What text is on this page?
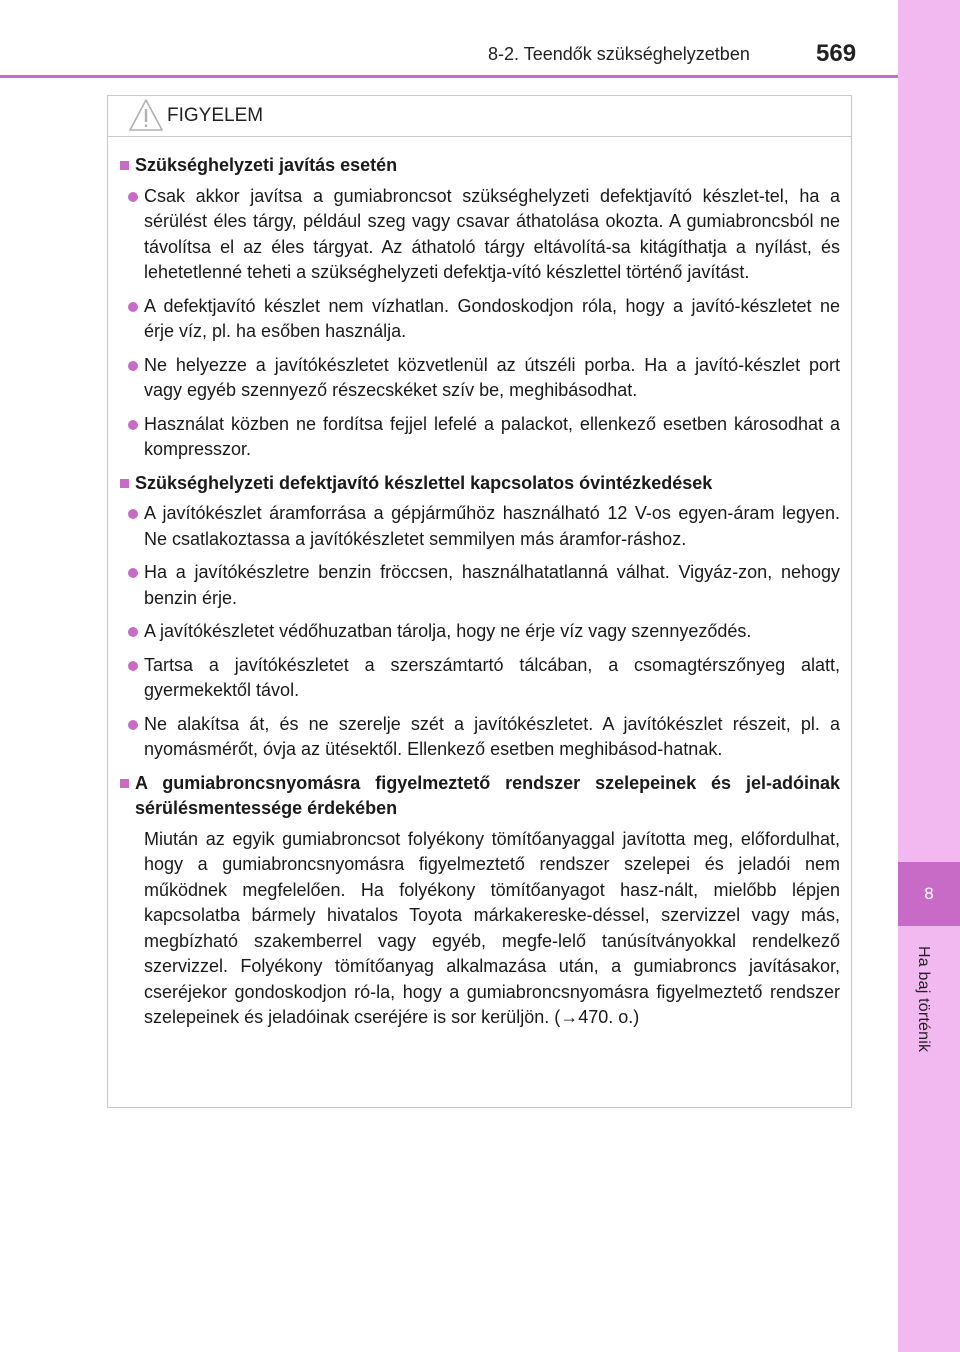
8
Ha baj történik
8-2. Teendők szükséghelyzetben	569
FIGYELEM
Szükséghelyzeti javítás esetén
Csak akkor javítsa a gumiabroncsot szükséghelyzeti defektjavító készlet-tel, ha a sérülést éles tárgy, például szeg vagy csavar áthatolása okozta. A gumiabroncsból ne távolítsa el az éles tárgyat. Az áthatoló tárgy eltávolítá-sa kitágíthatja a nyílást, és lehetetlenné teheti a szükséghelyzeti defektja-vító készlettel történő javítást.
A defektjavító készlet nem vízhatlan. Gondoskodjon róla, hogy a javító-készletet ne érje víz, pl. ha esőben használja.
Ne helyezze a javítókészletet közvetlenül az útszéli porba. Ha a javító-készlet port vagy egyéb szennyező részecskéket szív be, meghibásodhat.
Használat közben ne fordítsa fejjel lefelé a palackot, ellenkező esetben károsodhat a kompresszor.
Szükséghelyzeti defektjavító készlettel kapcsolatos óvintézkedések
A javítókészlet áramforrása a gépjárműhöz használható 12 V-os egyen-áram legyen. Ne csatlakoztassa a javítókészletet semmilyen más áramfor-ráshoz.
Ha a javítókészletre benzin fröccsen, használhatatlanná válhat. Vigyáz-zon, nehogy benzin érje.
A javítókészletet védőhuzatban tárolja, hogy ne érje víz vagy szennyeződés.
Tartsa a javítókészletet a szerszámtartó tálcában, a csomagtérszőnyeg alatt, gyermekektől távol.
Ne alakítsa át, és ne szerelje szét a javítókészletet. A javítókészlet részeit, pl. a nyomásmérőt, óvja az ütésektől. Ellenkező esetben meghibásod-hatnak.
A gumiabroncsnyomásra figyelmeztető rendszer szelepeinek és jel-adóinak sérülésmentessége érdekében
Miután az egyik gumiabroncsot folyékony tömítőanyaggal javította meg, előfordulhat, hogy a gumiabroncsnyomásra figyelmeztető rendszer szelepei és jeladói nem működnek megfelelően. Ha folyékony tömítőanyagot hasz-nált, mielőbb lépjen kapcsolatba bármely hivatalos Toyota márkakereske-déssel, szervizzel vagy más, megbízható szakemberrel vagy egyéb, megfe-lelő tanúsítványokkal rendelkező szervizzel. Folyékony tömítőanyag alkalmazása után, a gumiabroncs javításakor, cseréjekor gondoskodjon ró-la, hogy a gumiabroncsnyomásra figyelmeztető rendszer szelepeinek és jeladóinak cseréjére is sor kerüljön. (→470. o.)
